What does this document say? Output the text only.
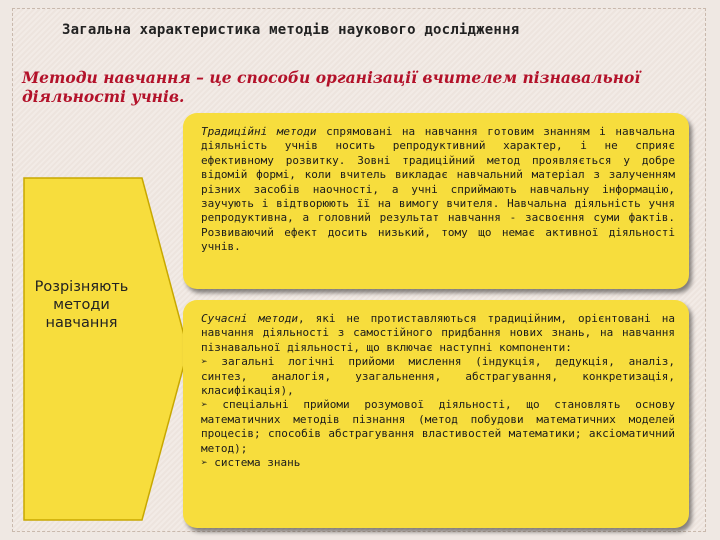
Загальна характеристика методів наукового дослідження
Методи навчання – це способи організації вчителем пізнавальної діяльності учнів.
Розрізняють
методи
навчання
Традиційні методи спрямовані на навчання готовим знанням і навчальна діяльність учнів носить репродуктивний характер, і не сприяє ефективному розвитку. Зовні традиційний метод проявляється у добре відомій формі, коли вчитель викладає навчальний матеріал з залученням різних засобів наочності, а учні сприймають навчальну інформацію, заучують і відтворюють її на вимогу вчителя. Навчальна діяльність учня репродуктивна, а головний результат навчання - засвоєння суми фактів. Розвиваючий ефект досить низький, тому що немає активної діяльності учнів.
Сучасні методи, які не протиставляються традиційним, орієнтовані на навчання діяльності з самостійного придбання нових знань, на навчання пізнавальної діяльності, що включає наступні компоненти:
➢ загальні логічні прийоми мислення (індукція, дедукція, аналіз, синтез, аналогія, узагальнення, абстрагування, конкретизація, класифікація),
➢ спеціальні прийоми розумової діяльності, що становлять основу математичних методів пізнання (метод побудови математичних моделей процесів; способів абстрагування властивостей математики; аксіоматичний метод);
➢ система знань
